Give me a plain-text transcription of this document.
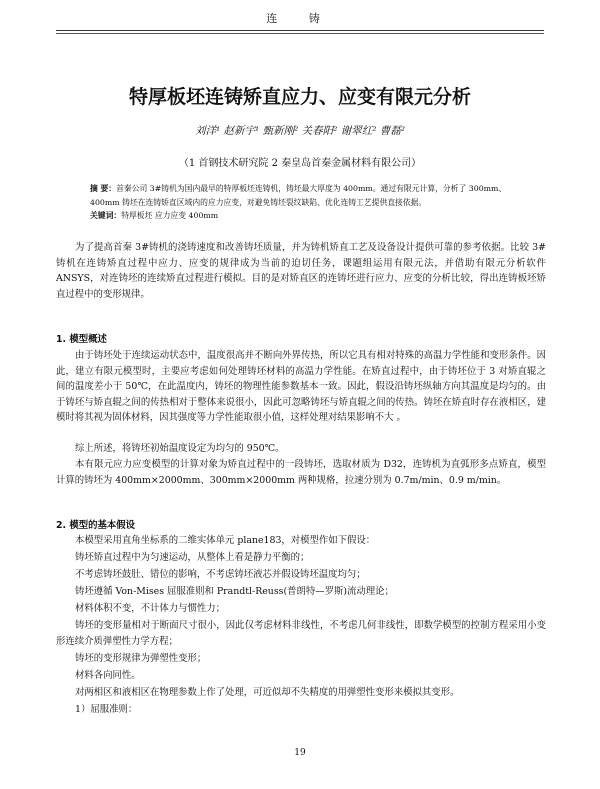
连 铸
特厚板坯连铸矫直应力、应变有限元分析
刘洋¹ 赵新宇¹ 甄新刚² 关春阳² 谢翠红² 曹磊²
（1 首钢技术研究院 2 秦皇岛首秦金属材料有限公司）
摘 要：首秦公司 3#铸机为国内最早的特厚板坯连铸机，铸坯最大厚度为 400mm。通过有限元计算，分析了 300mm、400mm 铸坯在连铸矫直区域内的应力应变，对避免铸坯裂纹缺陷、优化连铸工艺提供直接依据。
关键词：特厚板坯 应力应变 400mm
为了提高首秦 3#铸机的浇铸速度和改善铸坯质量，并为铸机矫直工艺及设备设计提供可靠的参考依据。比较 3#铸机在连铸矫直过程中应力、应变的规律成为当前的迫切任务，课题组运用有限元法，并借助有限元分析软件 ANSYS，对连铸坯的连续矫直过程进行模拟。目的是对矫直区的连铸坯进行应力、应变的分析比较，得出连铸板坯矫直过程中的变形规律。
1. 模型概述
由于铸坯处于连续运动状态中，温度很高并不断向外界传热，所以它具有相对特殊的高温力学性能和变形条件。因此，建立有限元模型时，主要应考虑如何处理铸坯材料的高温力学性能。在矫直过程中，由于铸坯位于 3 对矫直辊之间的温度差小于 50℃，在此温度内，铸坯的物理性能参数基本一致。因此，假设沿铸坯纵轴方向其温度是均匀的。由于铸坯与矫直辊之间的传热相对于整体来说很小，因此可忽略铸坯与矫直辊之间的传热。铸坯在矫直时存在液相区，建模时将其视为固体材料，因其强度等力学性能取很小值，这样处理对结果影响不大 。
综上所述，将铸坯初始温度设定为均匀的 950℃。
本有限元应力应变模型的计算对象为矫直过程中的一段铸坯，选取材质为 D32，连铸机为直弧形多点矫直，模型计算的铸坯为 400mm×2000mm、300mm×2000mm 两种规格，拉速分别为 0.7m/min、0.9 m/min。
2. 模型的基本假设
本模型采用直角坐标系的二维实体单元 plane183，对模型作如下假设：
铸坯矫直过程中为匀速运动，从整体上看是静力平衡的；
不考虑铸坯鼓肚、错位的影响，不考虑铸坯液芯并假设铸坯温度均匀；
铸坯遵循 Von-Mises 屈服准则和 Prandtl-Reuss(普朗特—罗斯)流动理论；
材料体积不变，不计体力与惯性力；
铸坯的变形量相对于断面尺寸很小，因此仅考虑材料非线性，不考虑几何非线性，即数学模型的控制方程采用小变形连续介质弹塑性力学方程；
铸坯的变形规律为弹塑性变形；
材料各向同性。
对两相区和液相区在物理参数上作了处理，可近似却不失精度的用弹塑性变形来模拟其变形。
1）屈服准则：
19
